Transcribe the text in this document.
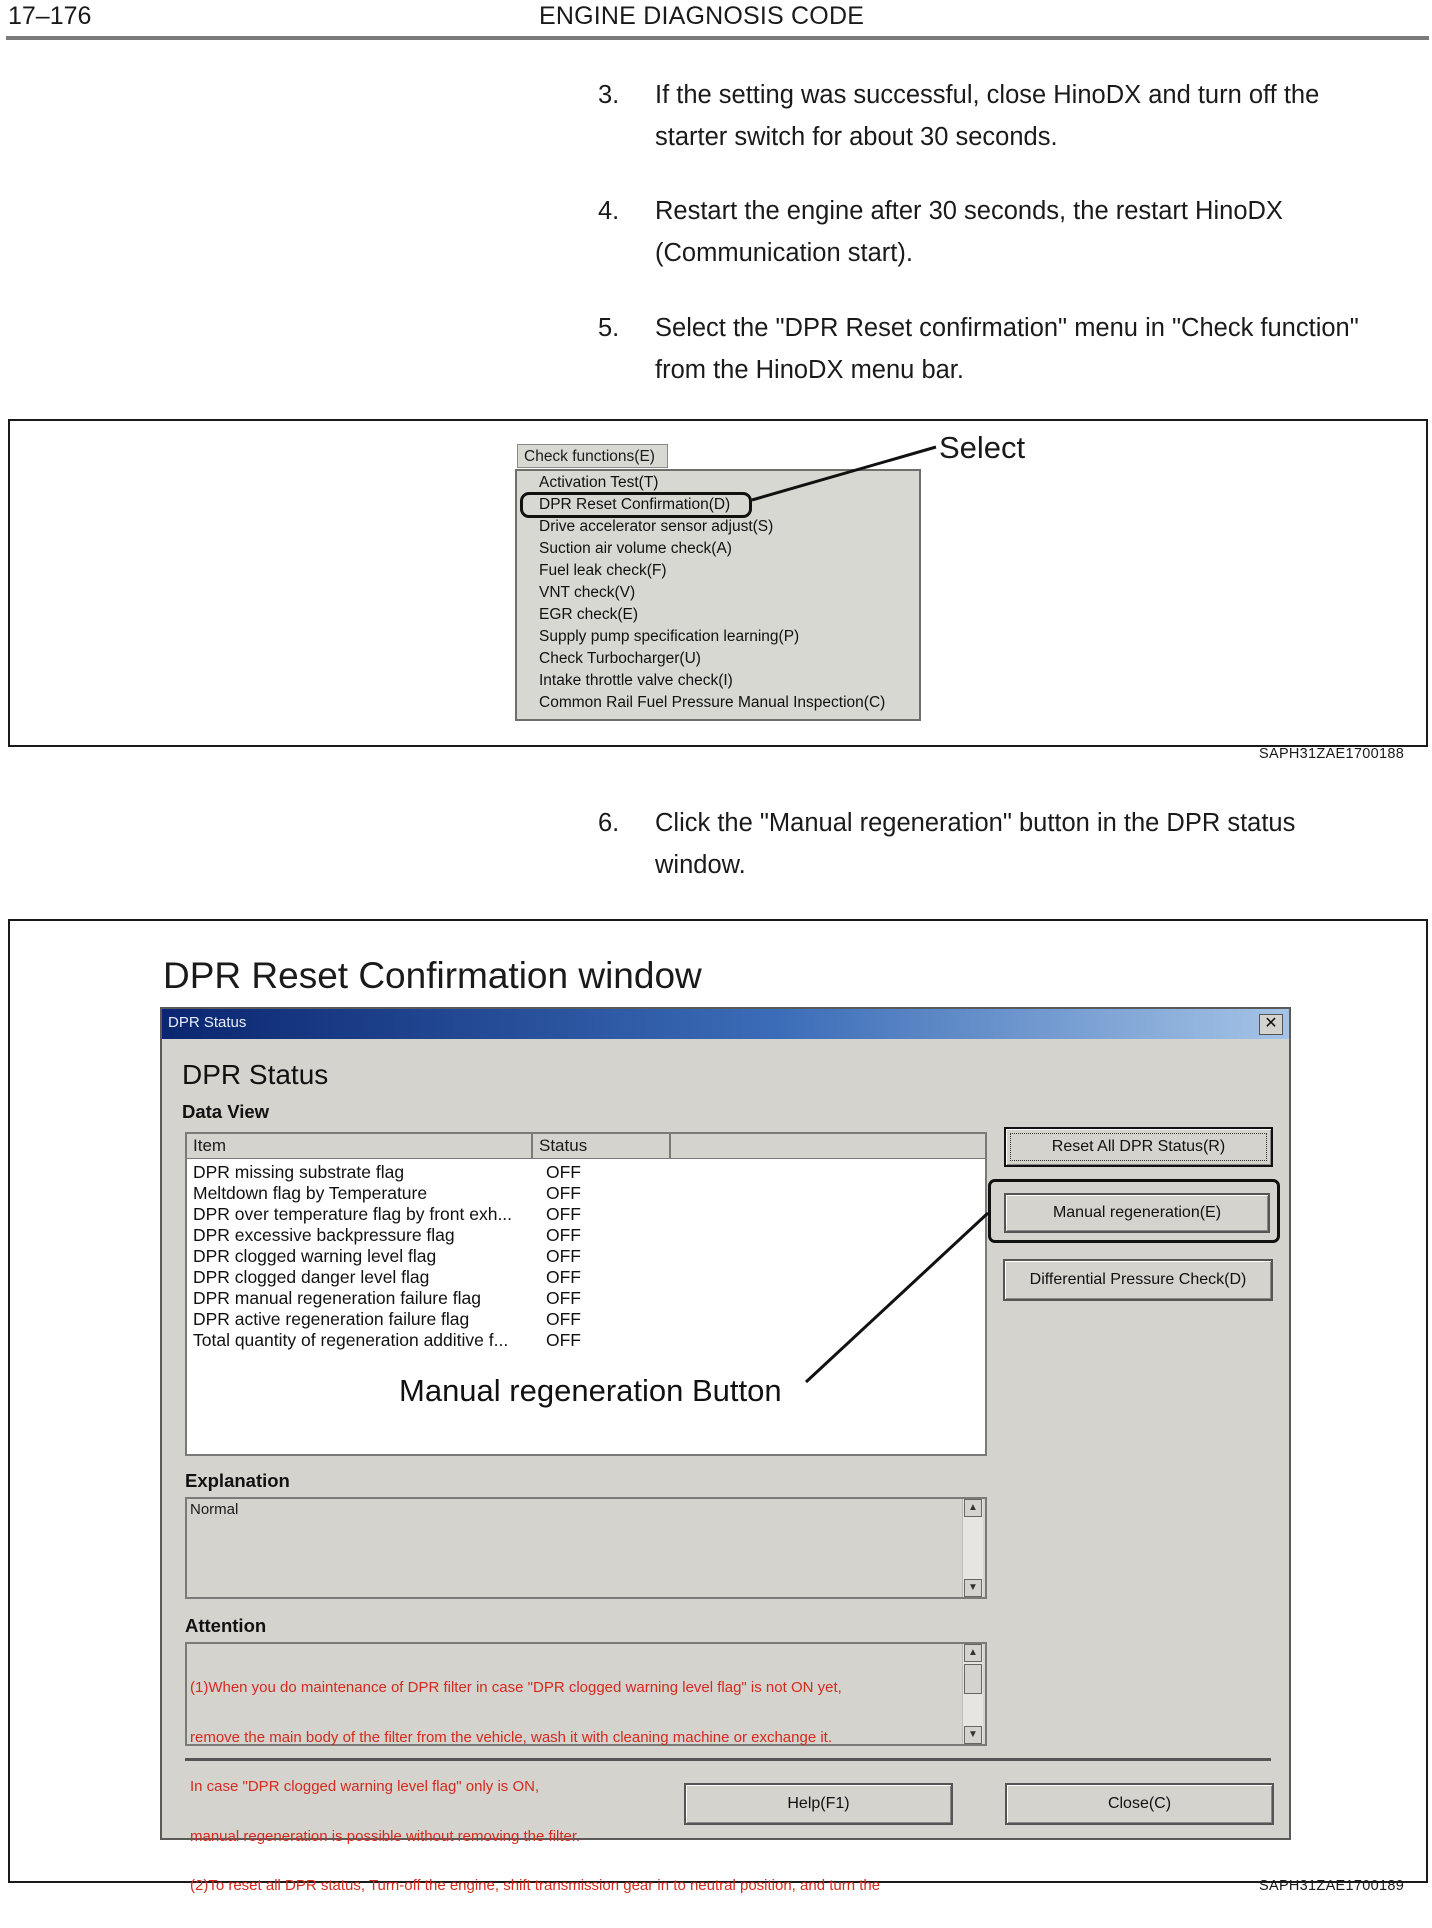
17–176	ENGINE DIAGNOSIS CODE
3. If the setting was successful, close HinoDX and turn off the
starter switch for about 30 seconds.
4. Restart the engine after 30 seconds, the restart HinoDX
(Communication start).
5. Select the "DPR Reset confirmation" menu in "Check function"
from the HinoDX menu bar.
Check functions(E)
Activation Test(T)
DPR Reset Confirmation(D)
Drive accelerator sensor adjust(S)
Suction air volume check(A)
Fuel leak check(F)
VNT check(V)
EGR check(E)
Supply pump specification learning(P)
Check Turbocharger(U)
Intake throttle valve check(I)
Common Rail Fuel Pressure Manual Inspection(C)
Select
SAPH31ZAE1700188
6. Click the "Manual regeneration" button in the DPR status
window.
DPR Reset Confirmation window
DPR Status	✕
DPR Status
Data View
Item	Status
DPR missing substrate flag	OFF
Meltdown flag by Temperature	OFF
DPR over temperature flag by front exh...	OFF
DPR excessive backpressure flag	OFF
DPR clogged warning level flag	OFF
DPR clogged danger level flag	OFF
DPR manual regeneration failure flag	OFF
DPR active regeneration failure flag	OFF
Total quantity of regeneration additive f...	OFF
Reset All DPR Status(R)
Manual regeneration(E)
Differential Pressure Check(D)
Explanation
Normal	▲
▼
Attention

(1)When you do maintenance of DPR filter in case "DPR clogged warning level flag" is not ON yet,

remove the main body of the filter from the vehicle, wash it with cleaning machine or exchange it.

In case "DPR clogged warning level flag" only is ON,

manual regeneration is possible without removing the filter.

(2)To reset all DPR status, Turn-off the engine, shift transmission gear in to neutral position, and turn the

▲
▼
Help(F1)	Close(C)
Manual regeneration Button
SAPH31ZAE1700189
